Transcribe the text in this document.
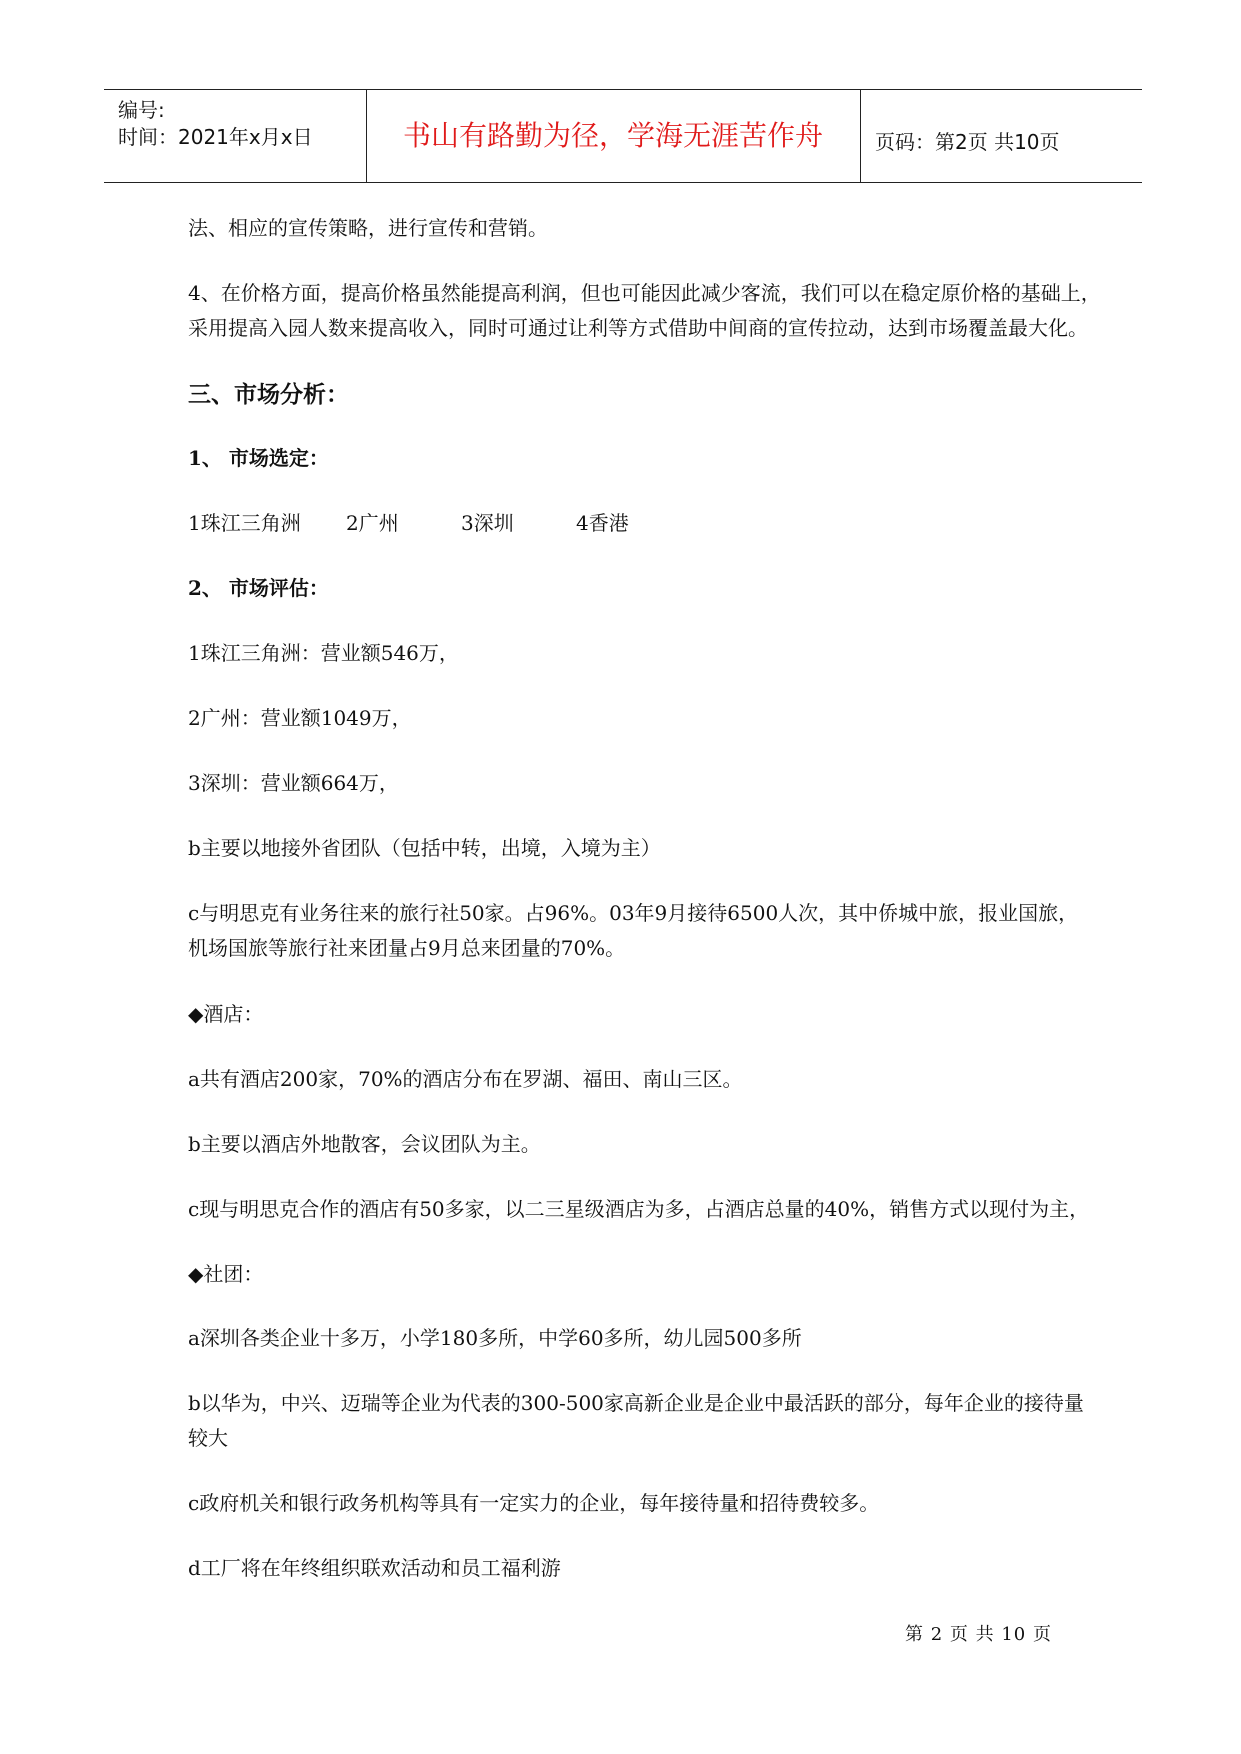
编号:
时间：2021年x月x日	书山有路勤为径，学海无涯苦作舟	页码：第2页 共10页
法、相应的宣传策略，进行宣传和营销。
4、在价格方面，提高价格虽然能提高利润，但也可能因此减少客流，我们可以在稳定原价格的基础上，
采用提高入园人数来提高收入，同时可通过让利等方式借助中间商的宣传拉动，达到市场覆盖最大化。
三、市场分析：
1、 市场选定：
1珠江三角洲 2广州	3深圳	4香港
2、 市场评估：
1珠江三角洲：营业额546万，
2广州：营业额1049万，
3深圳：营业额664万，
b主要以地接外省团队（包括中转，出境，入境为主）
c与明思克有业务往来的旅行社50家。占96%。03年9月接待6500人次，其中侨城中旅，报业国旅，
机场国旅等旅行社来团量占9月总来团量的70%。
◆酒店：
a共有酒店200家，70%的酒店分布在罗湖、福田、南山三区。
b主要以酒店外地散客，会议团队为主。
c现与明思克合作的酒店有50多家，以二三星级酒店为多，占酒店总量的40%，销售方式以现付为主，
◆社团：
a深圳各类企业十多万，小学180多所，中学60多所，幼儿园500多所
b以华为，中兴、迈瑞等企业为代表的300-500家高新企业是企业中最活跃的部分，每年企业的接待量
较大
c政府机关和银行政务机构等具有一定实力的企业，每年接待量和招待费较多。
d工厂将在年终组织联欢活动和员工福利游
第 2 页 共 10 页
